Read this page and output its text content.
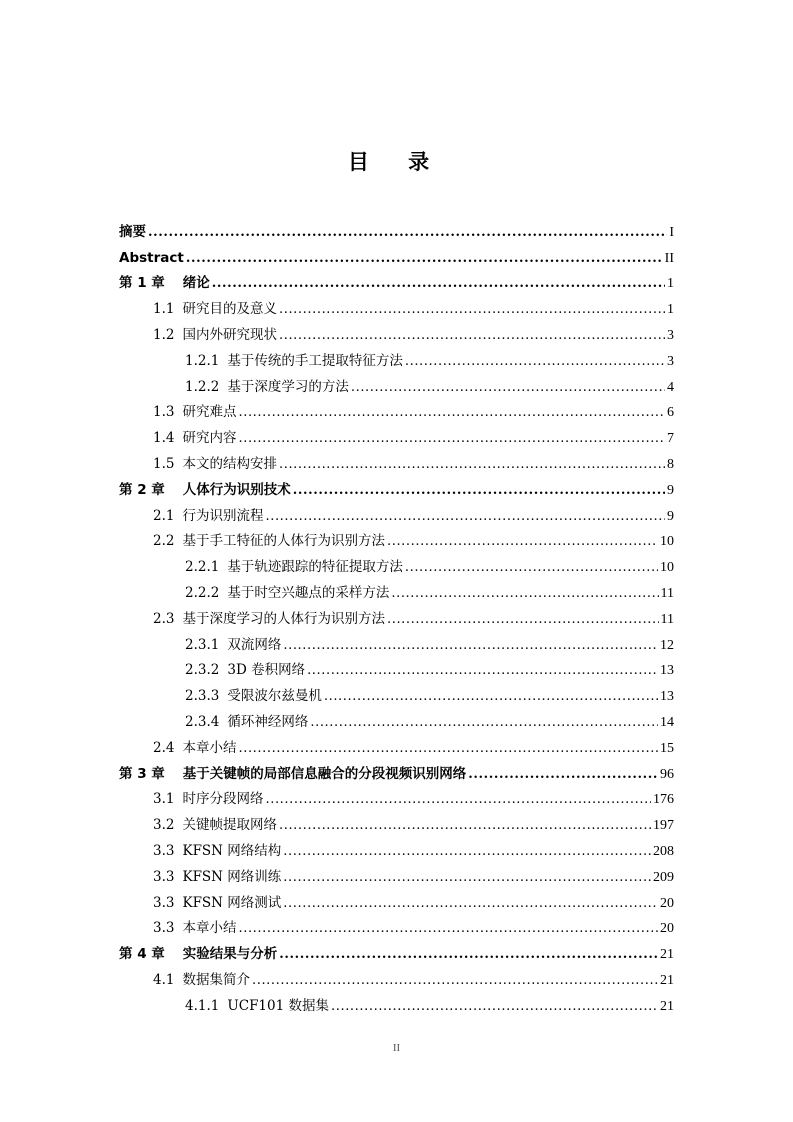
目 录
摘要 .....	I
Abstract .....	II
第 1 章 绪论 .....	1
1.1 研究目的及意义 .....	1
1.2 国内外研究现状 .....	3
1.2.1 基于传统的手工提取特征方法 .....	3
1.2.2 基于深度学习的方法 .....	4
1.3 研究难点 .....	6
1.4 研究内容 .....	7
1.5 本文的结构安排 .....	8
第 2 章 人体行为识别技术 .....	9
2.1 行为识别流程 .....	9
2.2 基于手工特征的人体行为识别方法 .....	10
2.2.1 基于轨迹跟踪的特征提取方法 .....	10
2.2.2 基于时空兴趣点的采样方法 .....	11
2.3 基于深度学习的人体行为识别方法 .....	11
2.3.1 双流网络 .....	12
2.3.2 3D 卷积网络 .....	13
2.3.3 受限波尔兹曼机 .....	13
2.3.4 循环神经网络 .....	14
2.4 本章小结 .....	15
第 3 章 基于关键帧的局部信息融合的分段视频识别网络 .....	96
3.1 时序分段网络 .....	176
3.2 关键帧提取网络 .....	197
3.3 KFSN 网络结构 .....	208
3.3 KFSN 网络训练 .....	209
3.3 KFSN 网络测试 .....	20
3.3 本章小结 .....	20
第 4 章 实验结果与分析 .....	21
4.1 数据集简介 .....	21
4.1.1 UCF101 数据集 .....	21
II
